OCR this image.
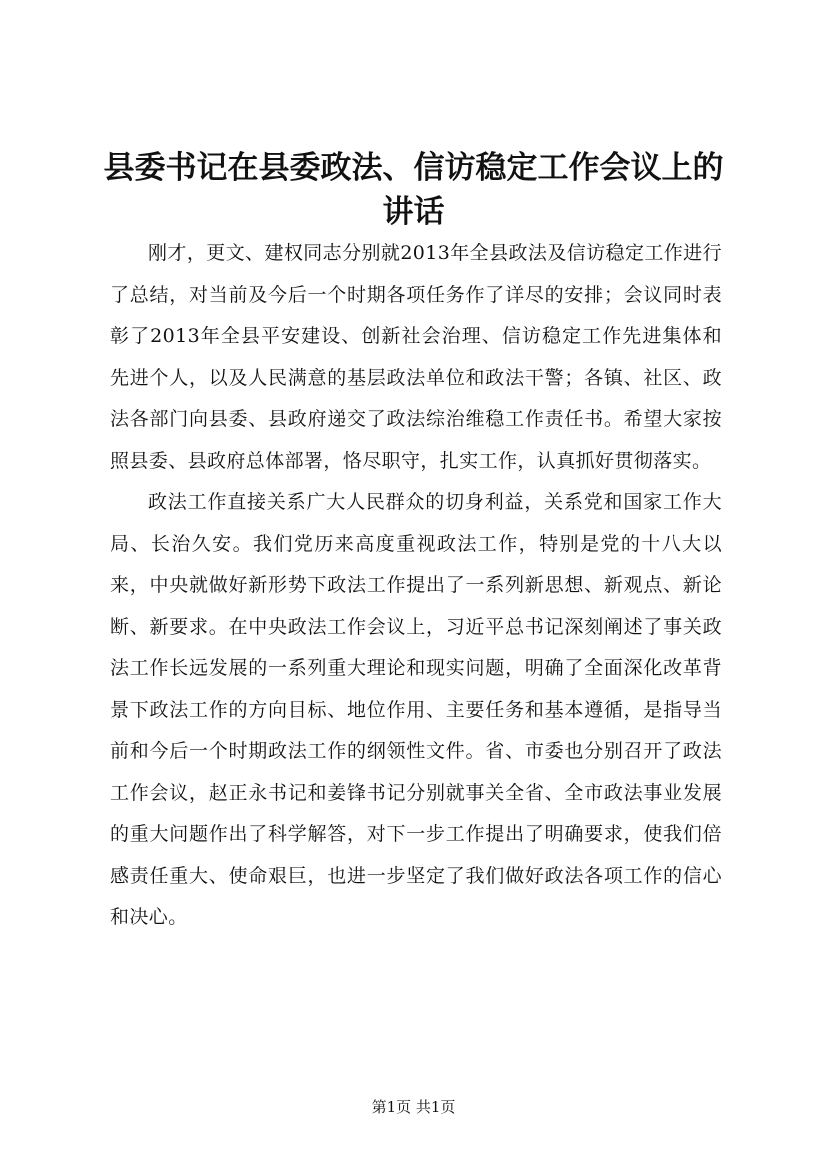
县委书记在县委政法、信访稳定工作会议上的讲话

刚才，更文、建权同志分别就2013年全县政法及信访稳定工作进行了总结，对当前及今后一个时期各项任务作了详尽的安排；会议同时表彰了2013年全县平安建设、创新社会治理、信访稳定工作先进集体和先进个人，以及人民满意的基层政法单位和政法干警；各镇、社区、政法各部门向县委、县政府递交了政法综治维稳工作责任书。希望大家按照县委、县政府总体部署，恪尽职守，扎实工作，认真抓好贯彻落实。

政法工作直接关系广大人民群众的切身利益，关系党和国家工作大局、长治久安。我们党历来高度重视政法工作，特别是党的十八大以来，中央就做好新形势下政法工作提出了一系列新思想、新观点、新论断、新要求。在中央政法工作会议上，习近平总书记深刻阐述了事关政法工作长远发展的一系列重大理论和现实问题，明确了全面深化改革背景下政法工作的方向目标、地位作用、主要任务和基本遵循，是指导当前和今后一个时期政法工作的纲领性文件。省、市委也分别召开了政法工作会议，赵正永书记和姜锋书记分别就事关全省、全市政法事业发展的重大问题作出了科学解答，对下一步工作提出了明确要求，使我们倍感责任重大、使命艰巨，也进一步坚定了我们做好政法各项工作的信心和决心。

第1页 共1页
